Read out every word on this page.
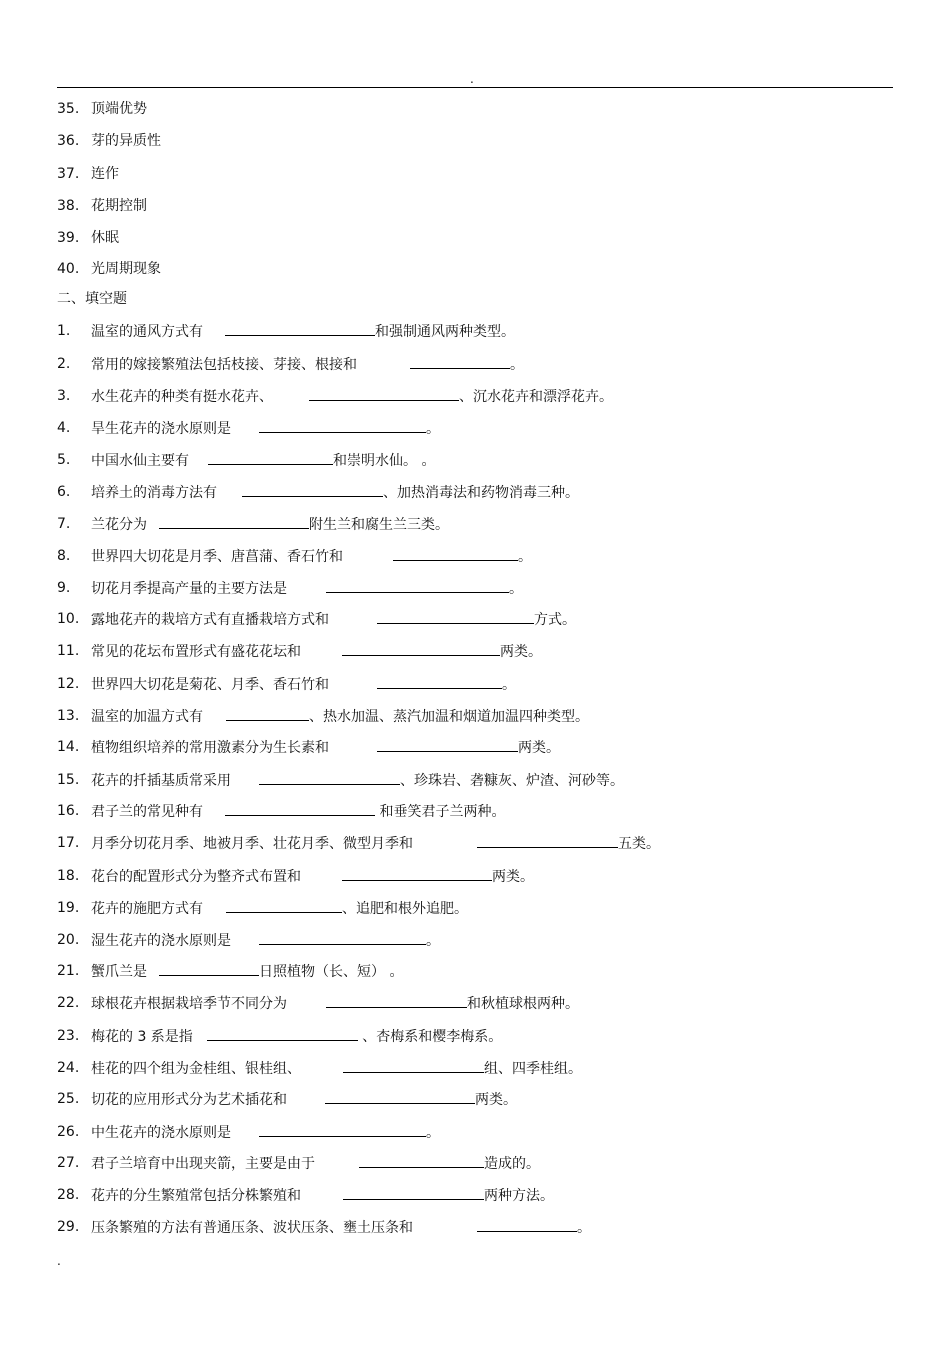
.
35. 顶端优势
36. 芽的异质性
37. 连作
38. 花期控制
39. 休眠
40. 光周期现象
二、填空题
1.	温室的通风方式有	和强制通风两种类型。
2.	常用的嫁接繁殖法包括枝接、芽接、根接和	。
3.	水生花卉的种类有挺水花卉、	、沉水花卉和漂浮花卉。
4.	旱生花卉的浇水原则是	。
5.	中国水仙主要有	和崇明水仙。 。
6.	培养土的消毒方法有	、加热消毒法和药物消毒三种。
7.	兰花分为	附生兰和腐生兰三类。
8.	世界四大切花是月季、唐菖蒲、香石竹和	。
9.	切花月季提高产量的主要方法是	。
10. 露地花卉的栽培方式有直播栽培方式和	方式。
11. 常见的花坛布置形式有盛花花坛和	两类。
12. 世界四大切花是菊花、月季、香石竹和	。
13. 温室的加温方式有	、热水加温、蒸汽加温和烟道加温四种类型。
14. 植物组织培养的常用激素分为生长素和	两类。
15. 花卉的扦插基质常采用	、珍珠岩、砻糠灰、炉渣、河砂等。
16. 君子兰的常见种有	和垂笑君子兰两种。
17. 月季分切花月季、地被月季、壮花月季、微型月季和	五类。
18. 花台的配置形式分为整齐式布置和	两类。
19. 花卉的施肥方式有	、追肥和根外追肥。
20. 湿生花卉的浇水原则是	。
21. 蟹爪兰是	日照植物（长、短） 。
22. 球根花卉根据栽培季节不同分为	和秋植球根两种。
23. 梅花的 3 系是指	、杏梅系和樱李梅系。
24. 桂花的四个组为金桂组、银桂组、	组、四季桂组。
25. 切花的应用形式分为艺术插花和	两类。
26. 中生花卉的浇水原则是	。
27. 君子兰培育中出现夹箭，主要是由于	造成的。
28. 花卉的分生繁殖常包括分株繁殖和	两种方法。
29. 压条繁殖的方法有普通压条、波状压条、壅土压条和	。
.
